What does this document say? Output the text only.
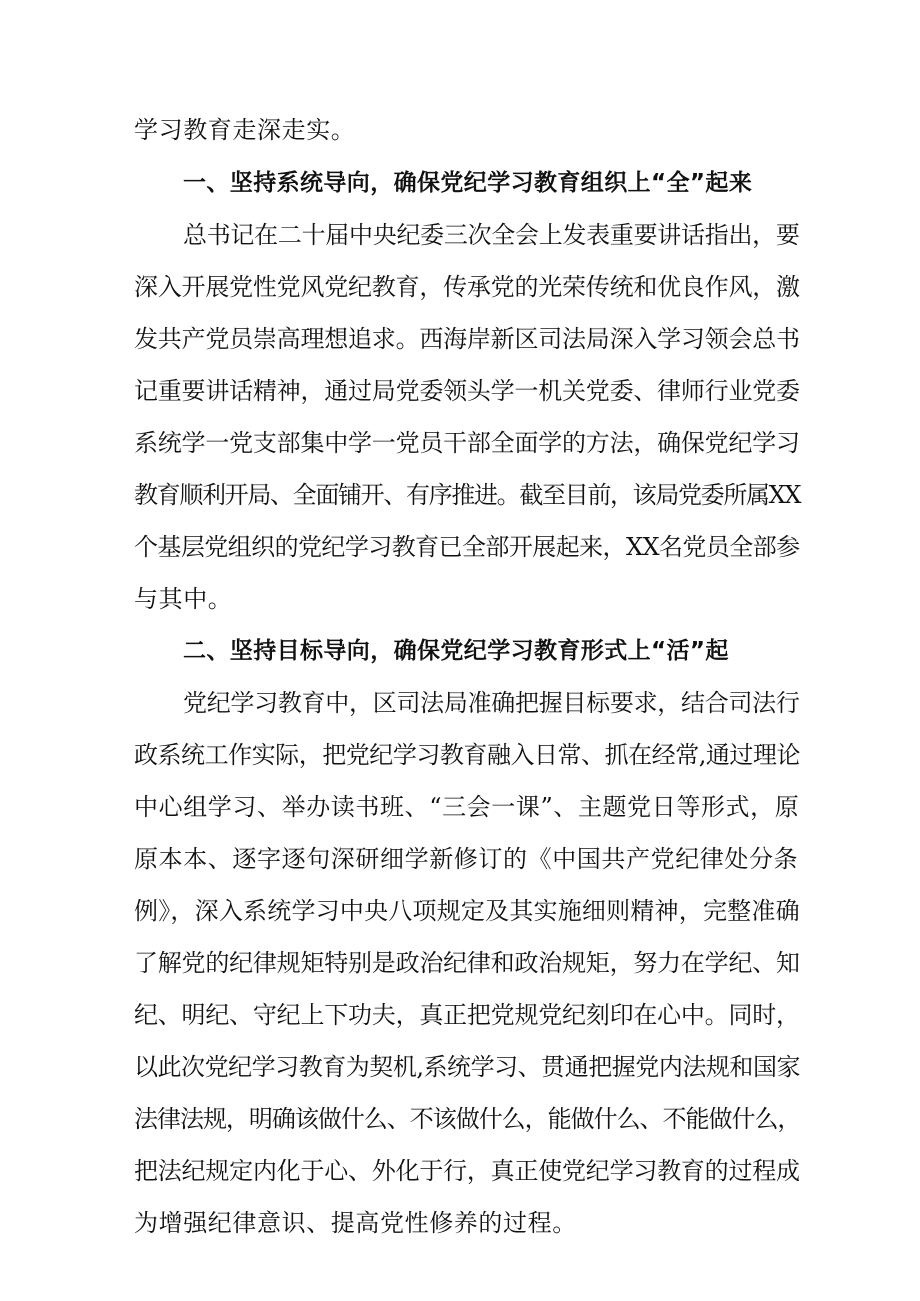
学习教育走深走实。
一、坚持系统导向，确保党纪学习教育组织上“全”起来
总书记在二十届中央纪委三次全会上发表重要讲话指出，要
深入开展党性党风党纪教育，传承党的光荣传统和优良作风，激
发共产党员崇高理想追求。西海岸新区司法局深入学习领会总书
记重要讲话精神，通过局党委领头学一机关党委、律师行业党委
系统学一党支部集中学一党员干部全面学的方法，确保党纪学习
教育顺利开局、全面铺开、有序推进。截至目前，该局党委所属XX
个基层党组织的党纪学习教育已全部开展起来，XX名党员全部参
与其中。
二、坚持目标导向，确保党纪学习教育形式上“活”起
党纪学习教育中，区司法局准确把握目标要求，结合司法行
政系统工作实际，把党纪学习教育融入日常、抓在经常,通过理论
中心组学习、举办读书班、“三会一课”、主题党日等形式，原
原本本、逐字逐句深研细学新修订的《中国共产党纪律处分条
例》，深入系统学习中央八项规定及其实施细则精神，完整准确
了解党的纪律规矩特别是政治纪律和政治规矩，努力在学纪、知
纪、明纪、守纪上下功夫，真正把党规党纪刻印在心中。同时，
以此次党纪学习教育为契机,系统学习、贯通把握党内法规和国家
法律法规，明确该做什么、不该做什么，能做什么、不能做什么，
把法纪规定内化于心、外化于行，真正使党纪学习教育的过程成
为增强纪律意识、提高党性修养的过程。
